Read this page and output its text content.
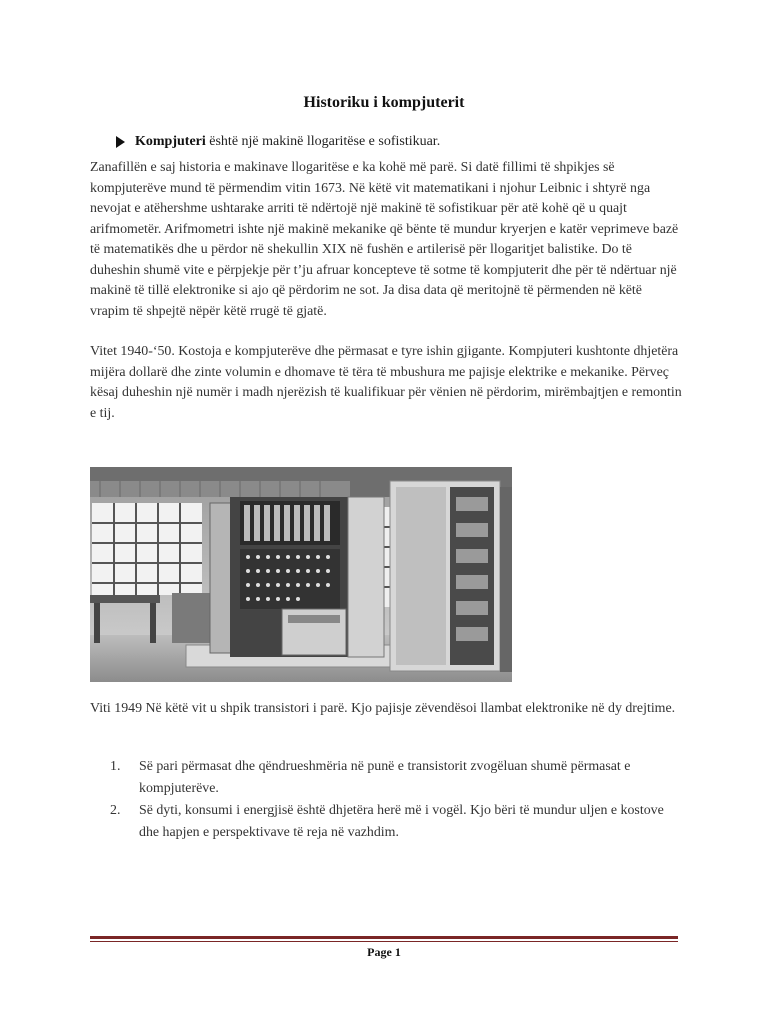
Historiku i kompjuterit
Kompjuteri është një makinë llogaritëse e sofistikuar.

Zanafillën e saj historia e makinave llogaritëse e ka kohë më parë. Si datë fillimi të shpikjes së kompjuterëve mund të përmendim vitin 1673. Në këtë vit matematikani i njohur Leibnic i shtyrë nga nevojat e atëhershme ushtarake arriti të ndërtojë një makinë të sofistikuar për atë kohë që u quajt arifmometër. Arifmometri ishte një makinë mekanike që bënte të mundur kryerjen e katër veprimeve bazë të matematikës dhe u përdor në shekullin XIX në fushën e artilerisë për llogaritjet balistike. Do të duheshin shumë vite e përpjekje për t’ju afruar koncepteve të sotme të kompjuterit dhe për të ndërtuar një makinë të tillë elektronike si ajo që përdorim ne sot. Ja disa data që meritojnë të përmenden në këtë vrapim të shpejtë nëpër këtë rrugë të gjatë.

Vitet 1940-‘50. Kostoja e kompjuterëve dhe përmasat e tyre ishin gjigante. Kompjuteri kushtonte dhjetëra mijëra dollarë dhe zinte volumin e dhomave të tëra të mbushura me pajisje elektrike e mekanike. Përveç kësaj duheshin një numër i madh njerëzish të kualifikuar për vënien në përdorim, mirëmbajtjen e remontin e tij.

Viti 1949 Në këtë vit u shpik transistori i parë. Kjo pajisje zëvendësoi llambat elektronike në dy drejtime.

1.	Së pari përmasat dhe qëndrueshmëria në punë e transistorit zvogëluan shumë përmasat e kompjuterëve.
2.	Së dyti, konsumi i energjisë është dhjetëra herë më i vogël. Kjo bëri të mundur uljen e kostove dhe hapjen e perspektivave të reja në vazhdim.
Page 1
